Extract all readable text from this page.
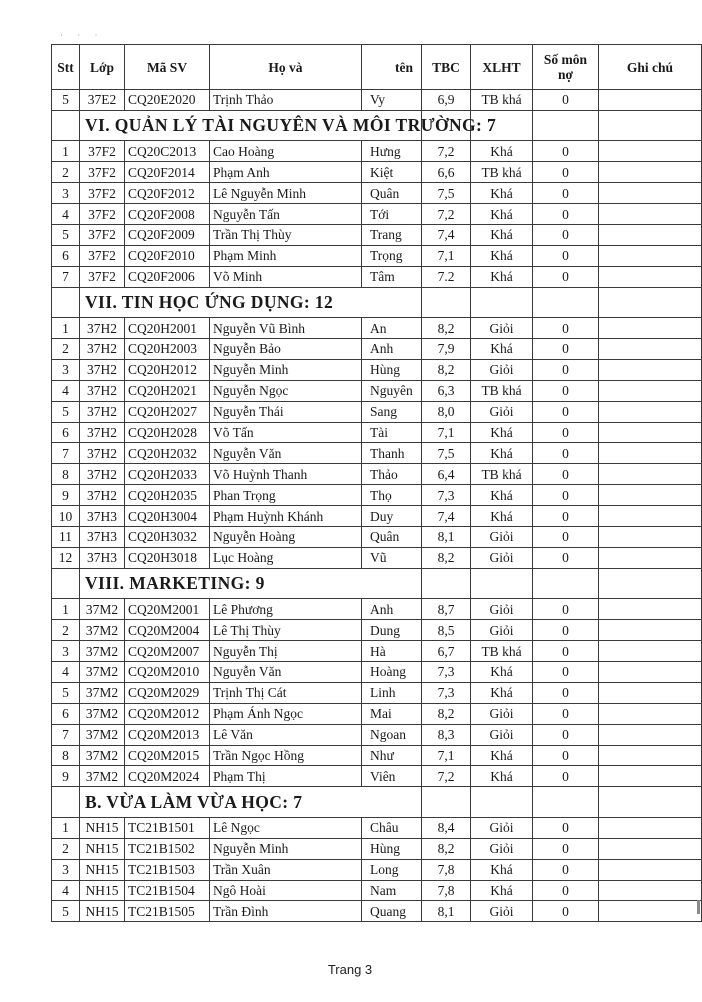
· · ·
Stt	Lớp	Mã SV	Họ và	tên	TBC	XLHT	Số môn nợ	Ghi chú
5	37E2	CQ20E2020	Trịnh Thảo	Vy	6,9	TB khá	0	
	VI. QUẢN LÝ TÀI NGUYÊN VÀ MÔI TRƯỜNG: 7							
1	37F2	CQ20C2013	Cao Hoàng	Hưng	7,2	Khá	0	
2	37F2	CQ20F2014	Phạm Anh	Kiệt	6,6	TB khá	0	
3	37F2	CQ20F2012	Lê Nguyễn Minh	Quân	7,5	Khá	0	
4	37F2	CQ20F2008	Nguyễn Tấn	Tới	7,2	Khá	0	
5	37F2	CQ20F2009	Trần Thị Thùy	Trang	7,4	Khá	0	
6	37F2	CQ20F2010	Phạm Minh	Trọng	7,1	Khá	0	
7	37F2	CQ20F2006	Võ Minh	Tâm	7.2	Khá	0	
	VII. TIN HỌC ỨNG DỤNG: 12							
1	37H2	CQ20H2001	Nguyễn Vũ Bình	An	8,2	Giỏi	0	
2	37H2	CQ20H2003	Nguyễn Bảo	Anh	7,9	Khá	0	
3	37H2	CQ20H2012	Nguyễn Minh	Hùng	8,2	Giỏi	0	
4	37H2	CQ20H2021	Nguyễn Ngọc	Nguyên	6,3	TB khá	0	
5	37H2	CQ20H2027	Nguyễn Thái	Sang	8,0	Giỏi	0	
6	37H2	CQ20H2028	Võ Tấn	Tài	7,1	Khá	0	
7	37H2	CQ20H2032	Nguyễn Văn	Thanh	7,5	Khá	0	
8	37H2	CQ20H2033	Võ Huỳnh Thanh	Thảo	6,4	TB khá	0	
9	37H2	CQ20H2035	Phan Trọng	Thọ	7,3	Khá	0	
10	37H3	CQ20H3004	Phạm Huỳnh Khánh	Duy	7,4	Khá	0	
11	37H3	CQ20H3032	Nguyễn Hoàng	Quân	8,1	Giỏi	0	
12	37H3	CQ20H3018	Lục Hoàng	Vũ	8,2	Giỏi	0	
	VIII. MARKETING: 9							
1	37M2	CQ20M2001	Lê Phương	Anh	8,7	Giỏi	0	
2	37M2	CQ20M2004	Lê Thị Thùy	Dung	8,5	Giỏi	0	
3	37M2	CQ20M2007	Nguyễn Thị	Hà	6,7	TB khá	0	
4	37M2	CQ20M2010	Nguyễn Văn	Hoàng	7,3	Khá	0	
5	37M2	CQ20M2029	Trịnh Thị Cát	Linh	7,3	Khá	0	
6	37M2	CQ20M2012	Phạm Ánh Ngọc	Mai	8,2	Giỏi	0	
7	37M2	CQ20M2013	Lê Văn	Ngoan	8,3	Giỏi	0	
8	37M2	CQ20M2015	Trần Ngọc Hồng	Như	7,1	Khá	0	
9	37M2	CQ20M2024	Phạm Thị	Viên	7,2	Khá	0	
	B. VỪA LÀM VỪA HỌC: 7							
1	NH15	TC21B1501	Lê Ngọc	Châu	8,4	Giỏi	0	
2	NH15	TC21B1502	Nguyễn Minh	Hùng	8,2	Giỏi	0	
3	NH15	TC21B1503	Trần Xuân	Long	7,8	Khá	0	
4	NH15	TC21B1504	Ngô Hoài	Nam	7,8	Khá	0	
5	NH15	TC21B1505	Trần Đình	Quang	8,1	Giỏi	0	
Trang 3
